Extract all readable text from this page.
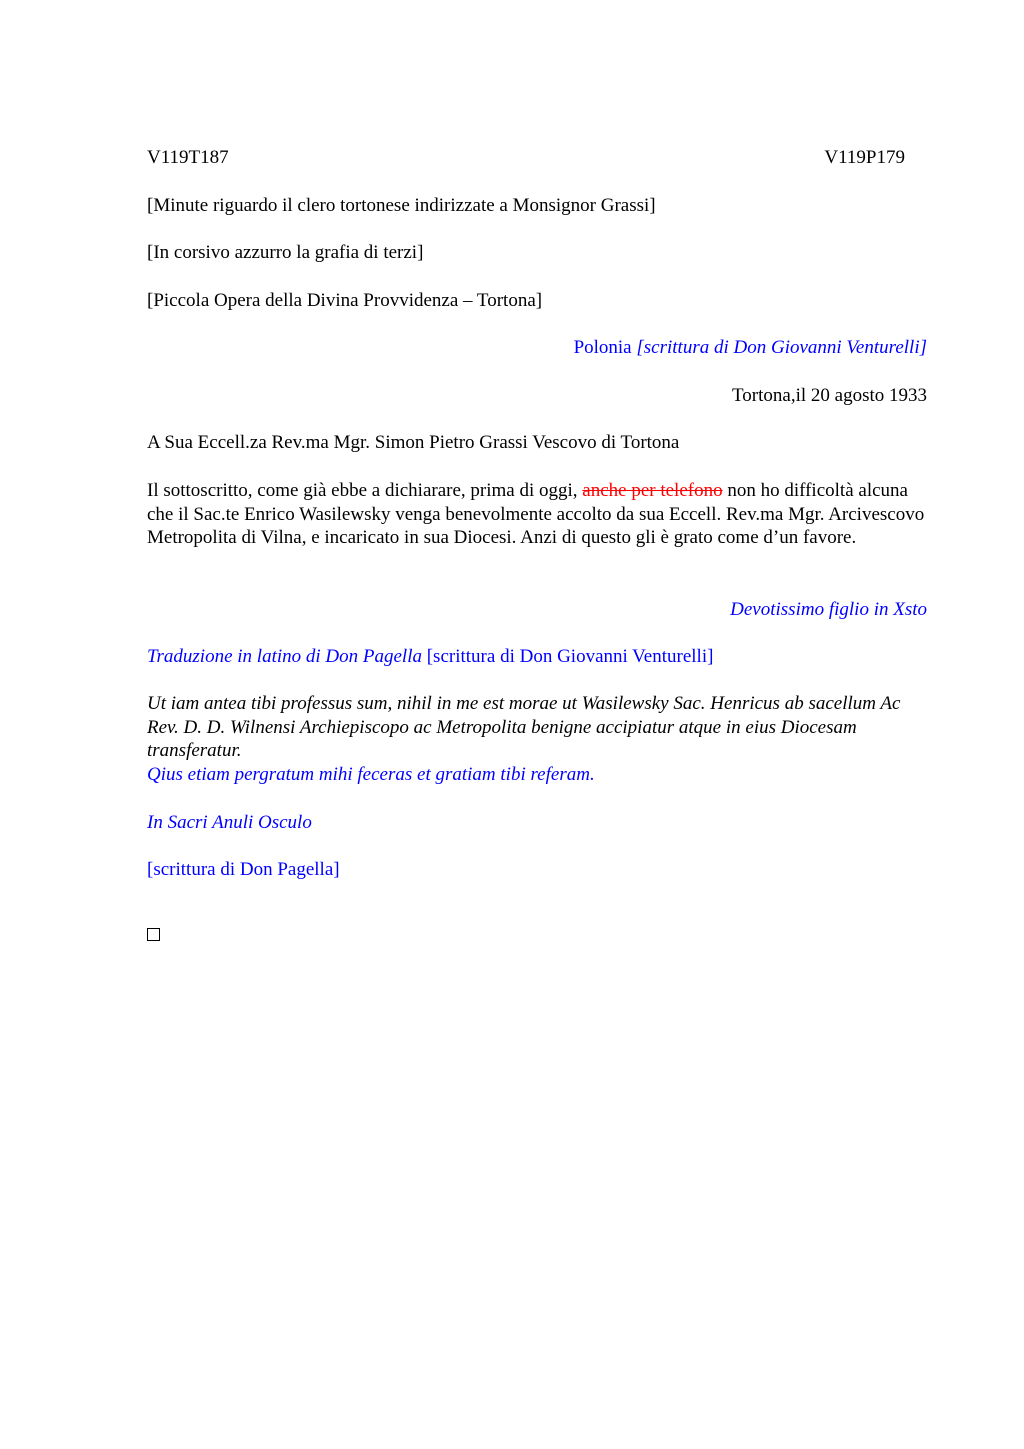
V119T187	V119P179
[Minute riguardo il clero tortonese indirizzate a Monsignor Grassi]
[In corsivo azzurro la grafia di terzi]
[Piccola Opera della Divina Provvidenza – Tortona]
Polonia [scrittura di Don Giovanni Venturelli]
Tortona,il 20 agosto 1933
A Sua Eccell.za Rev.ma Mgr. Simon Pietro Grassi Vescovo di Tortona
Il sottoscritto, come già ebbe a dichiarare, prima di oggi, anche per telefono non ho difficoltà alcuna che il Sac.te Enrico Wasilewsky venga benevolmente accolto da sua Eccell. Rev.ma Mgr. Arcivescovo Metropolita di Vilna, e incaricato in sua Diocesi. Anzi di questo gli è grato come d’un favore.
Devotissimo figlio in Xsto
Traduzione in latino di Don Pagella [scrittura di Don Giovanni Venturelli]
Ut iam antea tibi professus sum, nihil in me est morae ut Wasilewsky Sac. Henricus ab sacellum Ac Rev. D. D. Wilnensi Archiepiscopo ac Metropolita benigne accipiatur atque in eius Diocesam transferatur.
Qius etiam pergratum mihi feceras et gratiam tibi referam.
In Sacri Anuli Osculo
[scrittura di Don Pagella]
